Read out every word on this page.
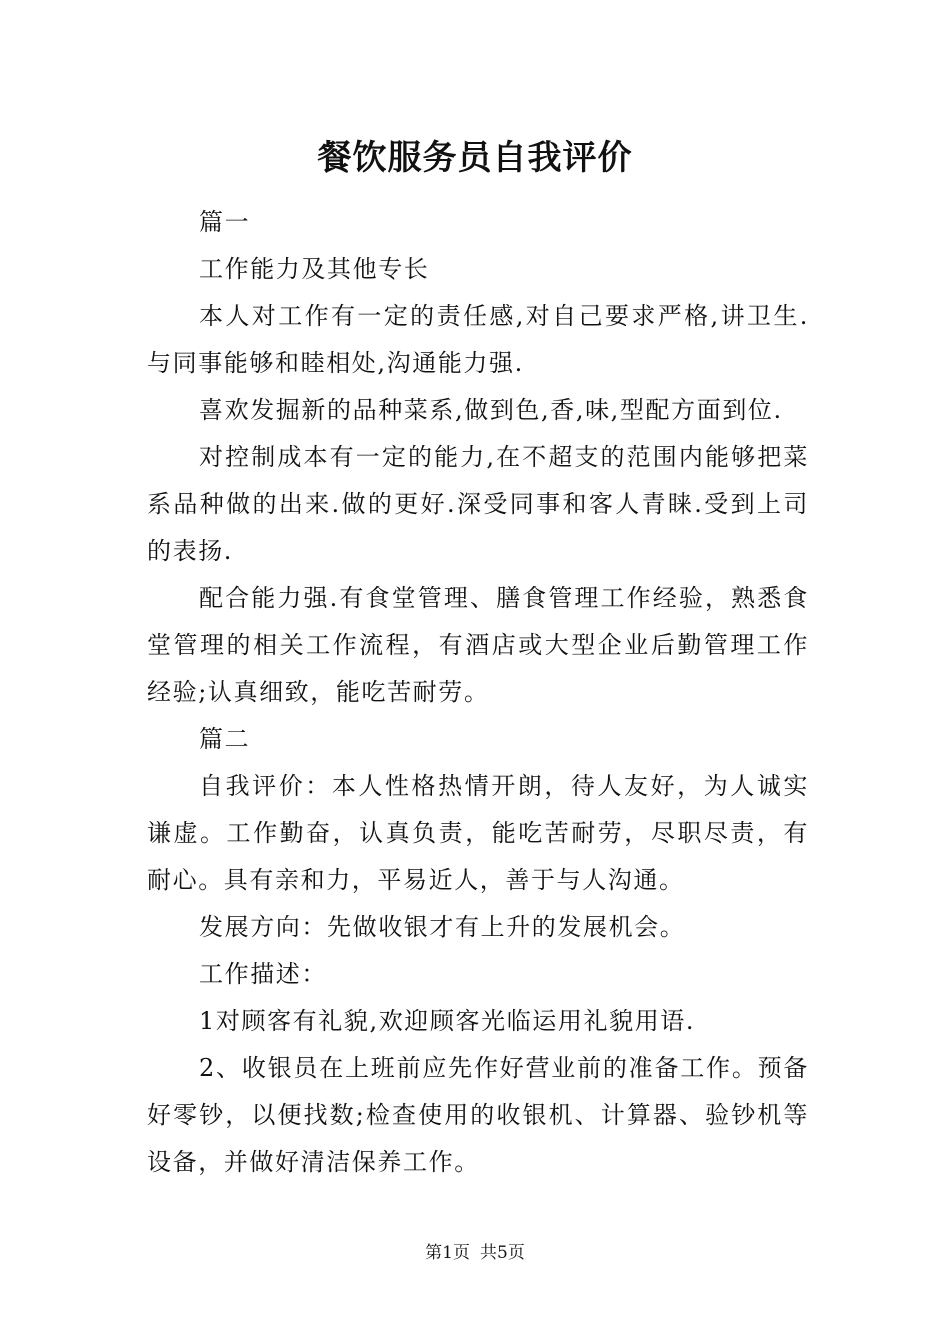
餐饮服务员自我评价

篇一

工作能力及其他专长

本人对工作有一定的责任感,对自己要求严格,讲卫生.与同事能够和睦相处,沟通能力强.

喜欢发掘新的品种菜系,做到色,香,味,型配方面到位.

对控制成本有一定的能力,在不超支的范围内能够把菜系品种做的出来.做的更好.深受同事和客人青睐.受到上司的表扬.

配合能力强.有食堂管理、膳食管理工作经验，熟悉食堂管理的相关工作流程，有酒店或大型企业后勤管理工作经验;认真细致，能吃苦耐劳。

篇二

自我评价：本人性格热情开朗，待人友好，为人诚实谦虚。工作勤奋，认真负责，能吃苦耐劳，尽职尽责，有耐心。具有亲和力，平易近人，善于与人沟通。

发展方向：先做收银才有上升的发展机会。

工作描述：

1对顾客有礼貌,欢迎顾客光临运用礼貌用语.

2、收银员在上班前应先作好营业前的准备工作。预备好零钞，以便找数;检查使用的收银机、计算器、验钞机等设备，并做好清洁保养工作。

第1页 共5页
